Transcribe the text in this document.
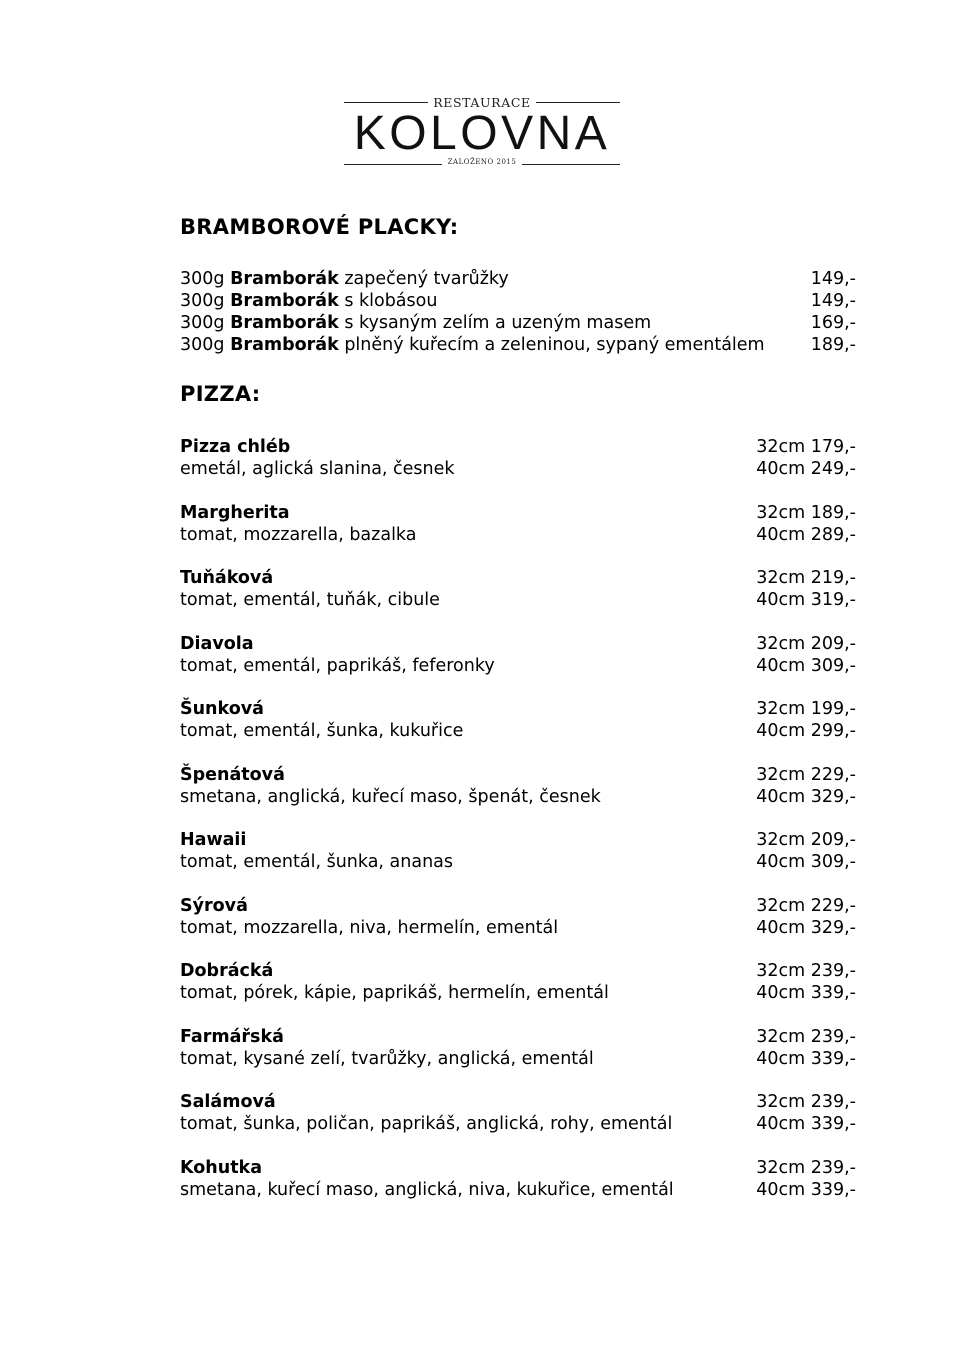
RESTAURACE
KOLOVNA
ZALOŽENO 2015
BRAMBOROVÉ PLACKY:
300g Bramborák zapečený tvarůžky	149,-
300g Bramborák s klobásou	149,-
300g Bramborák s kysaným zelím a uzeným masem	169,-
300g Bramborák plněný kuřecím a zeleninou, sypaný ementálem	189,-
PIZZA:
Pizza chléb	32cm 179,-
emetál, aglická slanina, česnek	40cm 249,-
Margherita	32cm 189,-
tomat, mozzarella, bazalka	40cm 289,-
Tuňáková	32cm 219,-
tomat, ementál, tuňák, cibule	40cm 319,-
Diavola	32cm 209,-
tomat, ementál, paprikáš, feferonky	40cm 309,-
Šunková	32cm 199,-
tomat, ementál, šunka, kukuřice	40cm 299,-
Špenátová	32cm 229,-
smetana, anglická, kuřecí maso, špenát, česnek	40cm 329,-
Hawaii	32cm 209,-
tomat, ementál, šunka, ananas	40cm 309,-
Sýrová	32cm 229,-
tomat, mozzarella, niva, hermelín, ementál	40cm 329,-
Dobrácká	32cm 239,-
tomat, pórek, kápie, paprikáš, hermelín, ementál	40cm 339,-
Farmářská	32cm 239,-
tomat, kysané zelí, tvarůžky, anglická, ementál	40cm 339,-
Salámová	32cm 239,-
tomat, šunka, poličan, paprikáš, anglická, rohy, ementál	40cm 339,-
Kohutka	32cm 239,-
smetana, kuřecí maso, anglická, niva, kukuřice, ementál	40cm 339,-
